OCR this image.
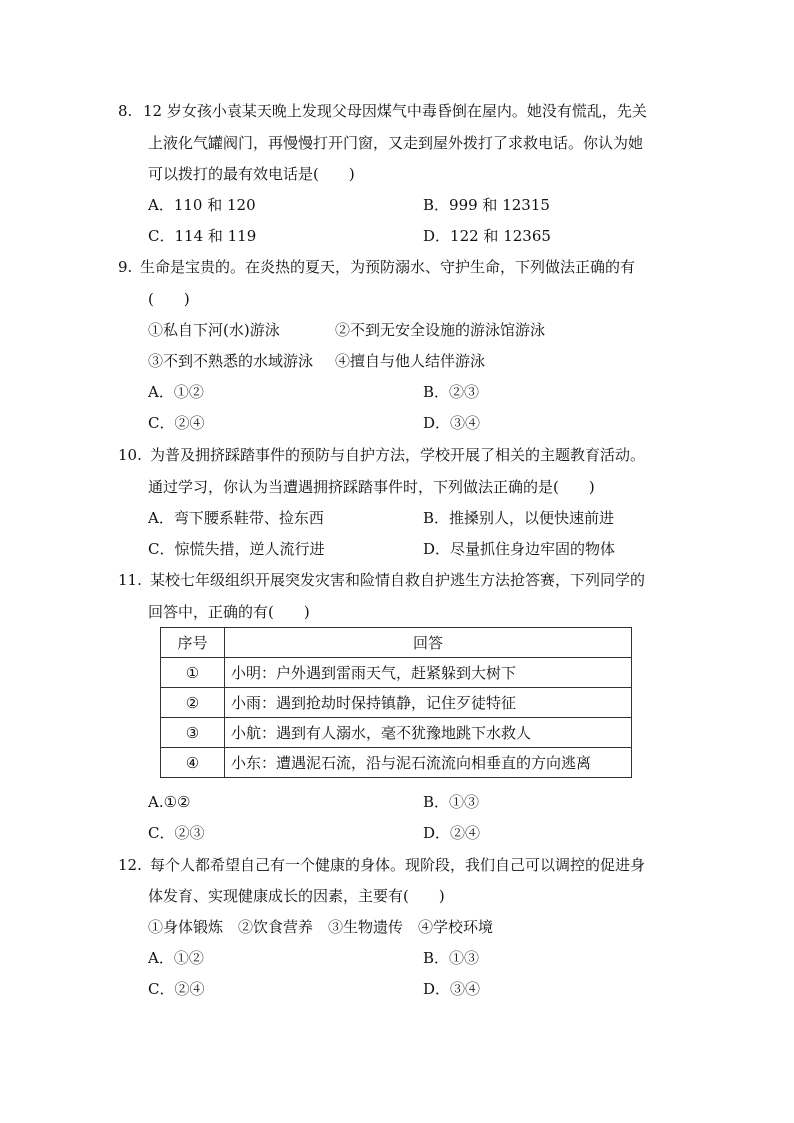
8. 12 岁女孩小袁某天晚上发现父母因煤气中毒昏倒在屋内。她没有慌乱，先关
上液化气罐阀门，再慢慢打开门窗，又走到屋外拨打了求救电话。你认为她
可以拨打的最有效电话是(　　)
A．110 和 120	B．999 和 12315
C．114 和 119	D．122 和 12365
9. 生命是宝贵的。在炎热的夏天，为预防溺水、守护生命，下列做法正确的有
(　　)
①私自下河(水)游泳	②不到无安全设施的游泳馆游泳
③不到不熟悉的水域游泳 ④擅自与他人结伴游泳
A．①②	B．②③
C．②④	D．③④
10. 为普及拥挤踩踏事件的预防与自护方法，学校开展了相关的主题教育活动。
通过学习，你认为当遭遇拥挤踩踏事件时，下列做法正确的是(　　)
A．弯下腰系鞋带、捡东西	B．推搡别人，以便快速前进
C．惊慌失措，逆人流行进	D．尽量抓住身边牢固的物体
11. 某校七年级组织开展突发灾害和险情自救自护逃生方法抢答赛，下列同学的
回答中，正确的有(　　)
序号	回答
①	小明：户外遇到雷雨天气，赶紧躲到大树下
②	小雨：遇到抢劫时保持镇静，记住歹徒特征
③	小航：遇到有人溺水，毫不犹豫地跳下水救人
④	小东：遭遇泥石流，沿与泥石流流向相垂直的方向逃离
A.①②	B．①③
C．②③	D．②④
12. 每个人都希望自己有一个健康的身体。现阶段，我们自己可以调控的促进身
体发育、实现健康成长的因素，主要有(　　)
①身体锻炼　②饮食营养　③生物遗传　④学校环境
A．①②	B．①③
C．②④	D．③④
